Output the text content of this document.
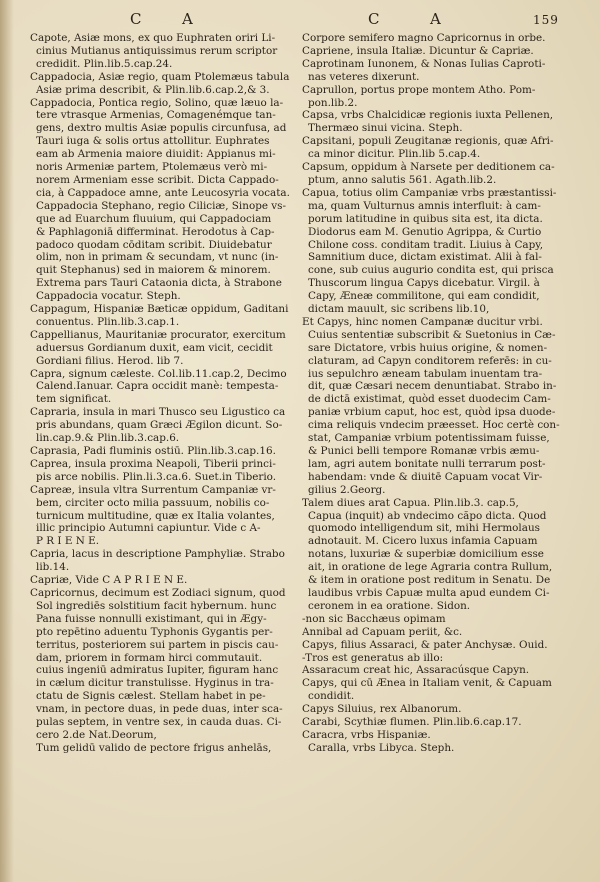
C	A	C	A	159
Capote, Asiæ mons, ex quo Euphraten oriri Li-
cinius Mutianus antiquissimus rerum scriptor
credidit. Plin.lib.5.cap.24.
Cappadocia, Asiæ regio, quam Ptolemæus tabula
Asiæ prima describit, & Plin.lib.6.cap.2,& 3.
Cappadocia, Pontica regio, Solino, quæ læuo la-
tere vtrasque Armenias, Comagenémque tan-
gens, dextro multis Asiæ populis circunfusa, ad
Tauri iuga & solis ortus attollitur. Euphrates
eam ab Armenia maiore diuidit: Appianus mi-
noris Armeniæ partem, Ptolemæus verò mi-
norem Armeniam esse scribit. Dicta Cappado-
cia, à Cappadoce amne, ante Leucosyria vocata.
Cappadocia Stephano, regio Ciliciæ, Sinope vs-
que ad Euarchum fluuium, qui Cappadociam
& Paphlagoniā differminat. Herodotus à Cap-
padoco quodam cōditam scribit. Diuidebatur
olim, non in primam & secundam, vt nunc (in-
quit Stephanus) sed in maiorem & minorem.
Extrema pars Tauri Cataonia dicta, à Strabone
Cappadocia vocatur. Steph.
Cappagum, Hispaniæ Bæticæ oppidum, Gaditani
conuentus. Plin.lib.3.cap.1.
Cappellianus, Mauritaniæ procurator, exercitum
aduersus Gordianum duxit, eam vicit, cecidit
Gordiani filius. Herod. lib 7.
Capra, signum cæleste. Col.lib.11.cap.2, Decimo
Calend.Ianuar. Capra occidit manè: tempesta-
tem significat.
Capraria, insula in mari Thusco seu Ligustico ca
pris abundans, quam Græci Ægilon dicunt. So-
lin.cap.9.& Plin.lib.3.cap.6.
Caprasia, Padi fluminis ostiū. Plin.lib.3.cap.16.
Caprea, insula proxima Neapoli, Tiberii princi-
pis arce nobilis. Plin.li.3.ca.6. Suet.in Tiberio.
Capreæ, insula vltra Surrentum Campaniæ vr-
bem, circiter octo milia passuum, nobilis co-
turnicum multitudine, quæ ex Italia volantes,
illic principio Autumni capiuntur. Vide c A-
P R I E N E.
Capria, lacus in descriptione Pamphyliæ. Strabo
lib.14.
Capriæ, Vide C A P R I E N E.
Capricornus, decimum est Zodiaci signum, quod
Sol ingrediēs solstitium facit hybernum. hunc
Pana fuisse nonnulli existimant, qui in Ægy-
pto repētino aduentu Typhonis Gygantis per-
territus, posteriorem sui partem in piscis cau-
dam, priorem in formam hirci commutauit.
cuius ingeniū admiratus Iupiter, figuram hanc
in cælum dicitur transtulisse. Hyginus in tra-
ctatu de Signis cælest. Stellam habet in pe-
vnam, in pectore duas, in pede duas, inter sca-
pulas septem, in ventre sex, in cauda duas. Ci-
cero 2.de Nat.Deorum,
Tum gelidū valido de pectore frigus anhelās,
Corpore semifero magno Capricornus in orbe.
Capriene, insula Italiæ. Dicuntur & Capriæ.
Caprotinam Iunonem, & Nonas Iulias Caproti-
nas veteres dixerunt.
Caprullon, portus prope montem Atho. Pom-
pon.lib.2.
Capsa, vrbs Chalcidicæ regionis iuxta Pellenen,
Thermæo sinui vicina. Steph.
Capsitani, populi Zeugitanæ regionis, quæ Afri-
ca minor dicitur. Plin.lib 5.cap.4.
Capsum, oppidum à Narsete per deditionem ca-
ptum, anno salutis 561. Agath.lib.2.
Capua, totius olim Campaniæ vrbs præstantissi-
ma, quam Vulturnus amnis interfluit: à cam-
porum latitudine in quibus sita est, ita dicta.
Diodorus eam M. Genutio Agrippa, & Curtio
Chilone coss. conditam tradit. Liuius à Capy,
Samnitium duce, dictam existimat. Alii à fal-
cone, sub cuius augurio condita est, qui prisca
Thuscorum lingua Capys dicebatur. Virgil. à
Capy, Æneæ commilitone, qui eam condidit,
dictam mauult, sic scribens lib.10,
Et Capys, hinc nomen Campanæ ducitur vrbi.
Cuius sententiæ subscribit & Suetonius in Cæ-
sare Dictatore, vrbis huius origine, & nomen-
claturam, ad Capyn conditorem referēs: in cu-
ius sepulchro æneam tabulam inuentam tra-
dit, quæ Cæsari necem denuntiabat. Strabo in-
de dictā existimat, quòd esset duodecim Cam-
paniæ vrbium caput, hoc est, quòd ipsa duode-
cima reliquis vndecim præesset. Hoc certè con-
stat, Campaniæ vrbium potentissimam fuisse,
& Punici belli tempore Romanæ vrbis æmu-
lam, agri autem bonitate nulli terrarum post-
habendam: vnde & diuitē Capuam vocat Vir-
gilius 2.Georg.
Talem diues arat Capua. Plin.lib.3. cap.5,
Capua (inquit) ab vndecimo căpo dicta. Quod
quomodo intelligendum sit, mihi Hermolaus
adnotauit. M. Cicero luxus infamia Capuam
notans, luxuriæ & superbiæ domicilium esse
ait, in oratione de lege Agraria contra Rullum,
& item in oratione post reditum in Senatu. De
laudibus vrbis Capuæ multa apud eundem Ci-
ceronem in ea oratione. Sidon.
-non sic Bacchæus opimam
Annibal ad Capuam periit, &c.
Capys, filius Assaraci, & pater Anchysæ. Ouid.
-Tros est generatus ab illo:
Assaracum creat hic, Assaracúsque Capyn.
Capys, qui cū Ænea in Italiam venit, & Capuam
condidit.
Capys Siluius, rex Albanorum.
Carabi, Scythiæ flumen. Plin.lib.6.cap.17.
Caracra, vrbs Hispaniæ.
Caralla, vrbs Libyca. Steph.
